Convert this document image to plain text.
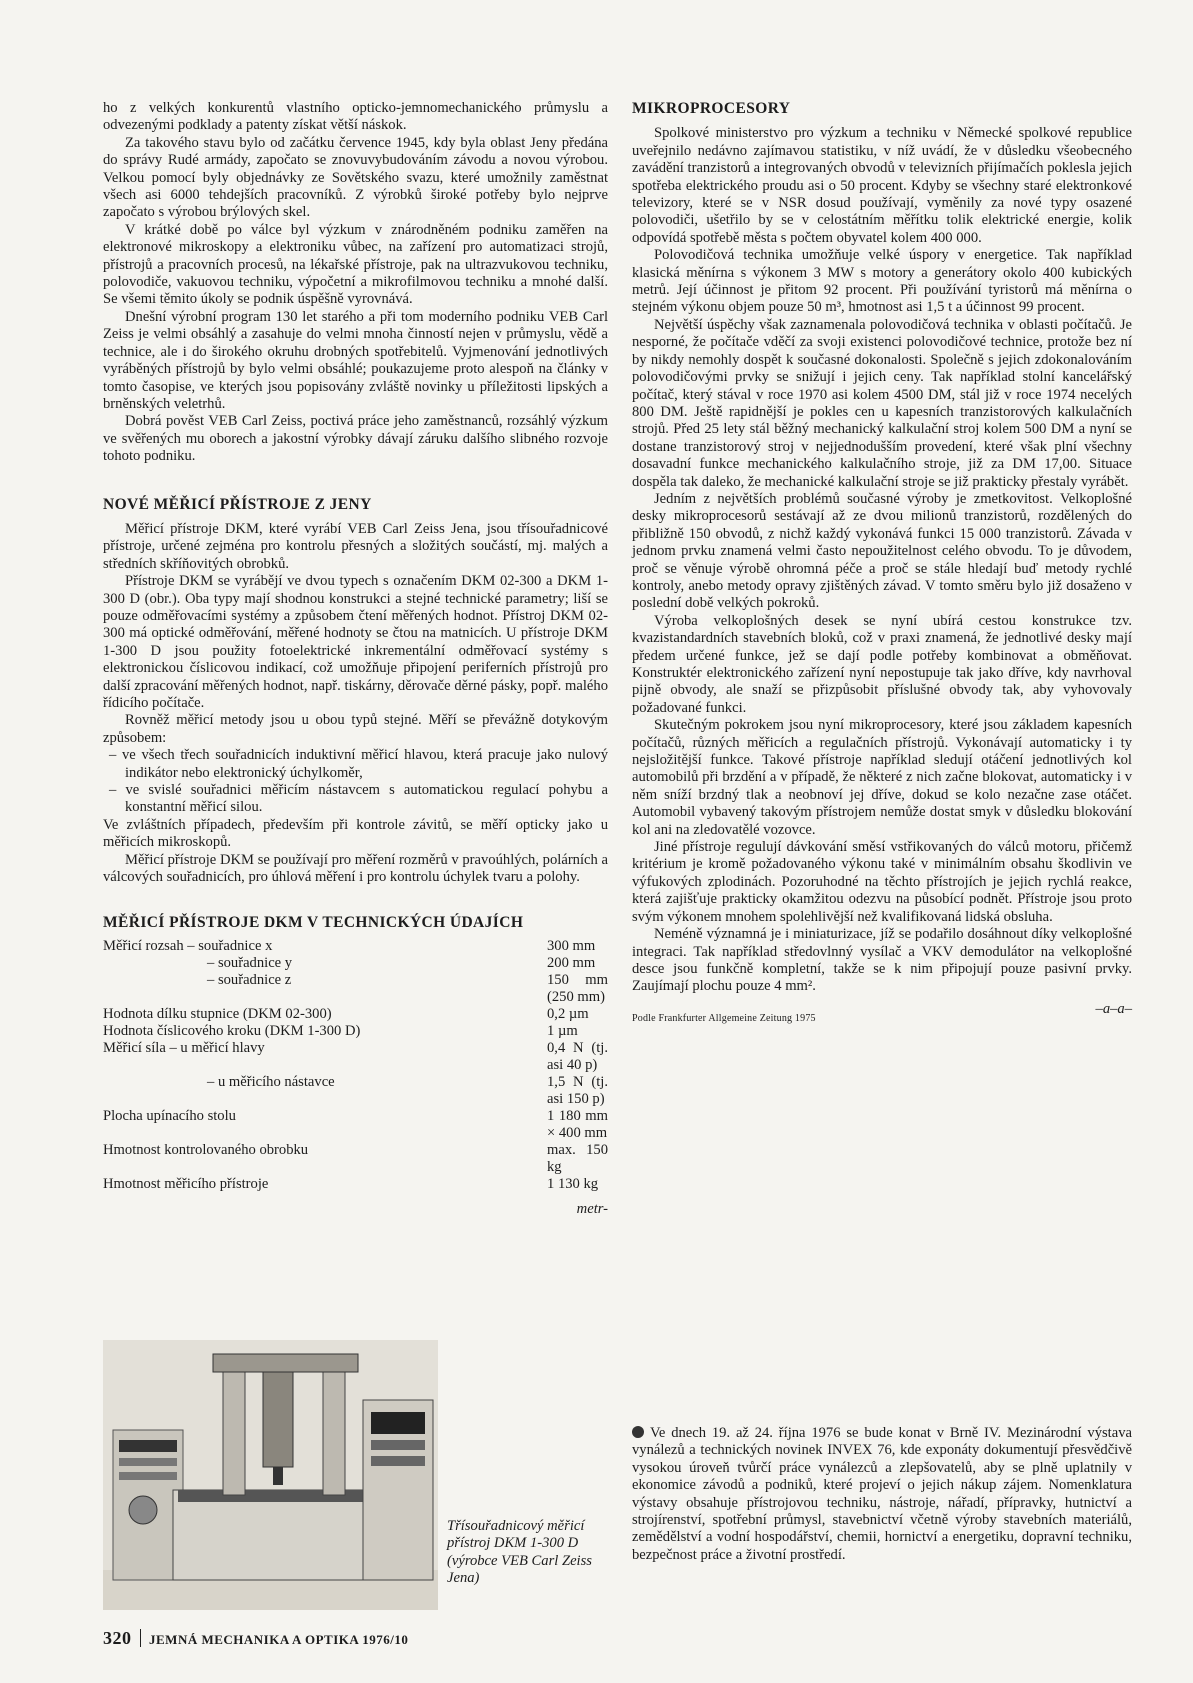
ho z velkých konkurentů vlastního opticko-jemnomechanického průmyslu a odvezenými podklady a patenty získat větší náskok.

Za takového stavu bylo od začátku července 1945, kdy byla oblast Jeny předána do správy Rudé armády, započato se znovuvybudováním závodu a novou výrobou. Velkou pomocí byly objednávky ze Sovětského svazu, které umožnily zaměstnat všech asi 6000 tehdejších pracovníků. Z výrobků široké potřeby bylo nejprve započato s výrobou brýlových skel.

V krátké době po válce byl výzkum v znárodněném podniku zaměřen na elektronové mikroskopy a elektroniku vůbec, na zařízení pro automatizaci strojů, přístrojů a pracovních procesů, na lékařské přístroje, pak na ultrazvukovou techniku, polovodiče, vakuovou techniku, výpočetní a mikrofilmovou techniku a mnohé další. Se všemi těmito úkoly se podnik úspěšně vyrovnává.

Dnešní výrobní program 130 let starého a při tom moderního podniku VEB Carl Zeiss je velmi obsáhlý a zasahuje do velmi mnoha činností nejen v průmyslu, vědě a technice, ale i do širokého okruhu drobných spotřebitelů. Vyjmenování jednotlivých vyráběných přístrojů by bylo velmi obsáhlé; poukazujeme proto alespoň na články v tomto časopise, ve kterých jsou popisovány zvláště novinky u příležitosti lipských a brněnských veletrhů.

Dobrá pověst VEB Carl Zeiss, poctivá práce jeho zaměstnanců, rozsáhlý výzkum ve svěřených mu oborech a jakostní výrobky dávají záruku dalšího slibného rozvoje tohoto podniku.

NOVÉ MĚŘICÍ PŘÍSTROJE Z JENY

Měřicí přístroje DKM, které vyrábí VEB Carl Zeiss Jena, jsou třísouřadnicové přístroje, určené zejména pro kontrolu přesných a složitých součástí, mj. malých a středních skříňovitých obrobků.

Přístroje DKM se vyrábějí ve dvou typech s označením DKM 02-300 a DKM 1-300 D (obr.). Oba typy mají shodnou konstrukci a stejné technické parametry; liší se pouze odměřovacími systémy a způsobem čtení měřených hodnot. Přístroj DKM 02-300 má optické odměřování, měřené hodnoty se čtou na matnicích. U přístroje DKM 1-300 D jsou použity fotoelektrické inkrementální odměřovací systémy s elektronickou číslicovou indikací, což umožňuje připojení periferních přístrojů pro další zpracování měřených hodnot, např. tiskárny, děrovače děrné pásky, popř. malého řídicího počítače.

Rovněž měřicí metody jsou u obou typů stejné. Měří se převážně dotykovým způsobem:

– ve všech třech souřadnicích induktivní měřicí hlavou, která pracuje jako nulový indikátor nebo elektronický úchylkoměr,
– ve svislé souřadnici měřicím nástavcem s automatickou regulací pohybu a konstantní měřicí silou.

Ve zvláštních případech, především při kontrole závitů, se měří opticky jako u měřicích mikroskopů.

Měřicí přístroje DKM se používají pro měření rozměrů v pravoúhlých, polárních a válcových souřadnicích, pro úhlová měření i pro kontrolu úchylek tvaru a polohy.

MĚŘICÍ PŘÍSTROJE DKM V TECHNICKÝCH ÚDAJÍCH
Měřicí rozsah – souřadnice x	300 mm
– souřadnice y	200 mm
– souřadnice z	150 mm (250 mm)
Hodnota dílku stupnice (DKM 02-300)	0,2 µm
Hodnota číslicového kroku (DKM 1-300 D)	1 µm
Měřicí síla – u měřicí hlavy	0,4 N (tj. asi 40 p)
– u měřicího nástavce	1,5 N (tj. asi 150 p)
Plocha upínacího stolu	1 180 mm × 400 mm
Hmotnost kontrolovaného obrobku	max. 150 kg
Hmotnost měřicího přístroje	1 130 kg
metr-
Třísouřadnicový měřicí přístroj DKM 1-300 D (výrobce VEB Carl Zeiss Jena)
MIKROPROCESORY

Spolkové ministerstvo pro výzkum a techniku v Německé spolkové republice uveřejnilo nedávno zajímavou statistiku, v níž uvádí, že v důsledku všeobecného zavádění tranzistorů a integrovaných obvodů v televizních přijímačích poklesla jejich spotřeba elektrického proudu asi o 50 procent. Kdyby se všechny staré elektronkové televizory, které se v NSR dosud používají, vyměnily za nové typy osazené polovodiči, ušetřilo by se v celostátním měřítku tolik elektrické energie, kolik odpovídá spotřebě města s počtem obyvatel kolem 400 000.

Polovodičová technika umožňuje velké úspory v energetice. Tak například klasická měnírna s výkonem 3 MW s motory a generátory okolo 400 kubických metrů. Její účinnost je přitom 92 procent. Při používání tyristorů má měnírna o stejném výkonu objem pouze 50 m³, hmotnost asi 1,5 t a účinnost 99 procent.

Největší úspěchy však zaznamenala polovodičová technika v oblasti počítačů. Je nesporné, že počítače vděčí za svoji existenci polovodičové technice, protože bez ní by nikdy nemohly dospět k současné dokonalosti. Společně s jejich zdokonalováním polovodičovými prvky se snižují i jejich ceny. Tak například stolní kancelářský počítač, který stával v roce 1970 asi kolem 4500 DM, stál již v roce 1974 necelých 800 DM. Ještě rapidnější je pokles cen u kapesních tranzistorových kalkulačních strojů. Před 25 lety stál běžný mechanický kalkulační stroj kolem 500 DM a nyní se dostane tranzistorový stroj v nejjednodušším provedení, které však plní všechny dosavadní funkce mechanického kalkulačního stroje, již za DM 17,00. Situace dospěla tak daleko, že mechanické kalkulační stroje se již prakticky přestaly vyrábět.

Jedním z největších problémů současné výroby je zmetkovitost. Velkoplošné desky mikroprocesorů sestávají až ze dvou milionů tranzistorů, rozdělených do přibližně 150 obvodů, z nichž každý vykonává funkci 15 000 tranzistorů. Závada v jednom prvku znamená velmi často nepoužitelnost celého obvodu. To je důvodem, proč se věnuje výrobě ohromná péče a proč se stále hledají buď metody rychlé kontroly, anebo metody opravy zjištěných závad. V tomto směru bylo již dosaženo v poslední době velkých pokroků.

Výroba velkoplošných desek se nyní ubírá cestou konstrukce tzv. kvazistandardních stavebních bloků, což v praxi znamená, že jednotlivé desky mají předem určené funkce, jež se dají podle potřeby kombinovat a obměňovat. Konstruktér elektronického zařízení nyní nepostupuje tak jako dříve, kdy navrhoval pijně obvody, ale snaží se přizpůsobit příslušné obvody tak, aby vyhovovaly požadované funkci.

Skutečným pokrokem jsou nyní mikroprocesory, které jsou základem kapesních počítačů, různých měřicích a regulačních přístrojů. Vykonávají automaticky i ty nejsložitější funkce. Takové přístroje například sledují otáčení jednotlivých kol automobilů při brzdění a v případě, že některé z nich začne blokovat, automaticky i v něm sníží brzdný tlak a neobnoví jej dříve, dokud se kolo nezačne zase otáčet. Automobil vybavený takovým přístrojem nemůže dostat smyk v důsledku blokování kol ani na zledovatělé vozovce.

Jiné přístroje regulují dávkování směsí vstřikovaných do válců motoru, přičemž kritérium je kromě požadovaného výkonu také v minimálním obsahu škodlivin ve výfukových zplodinách. Pozoruhodné na těchto přístrojích je jejich rychlá reakce, která zajišťuje prakticky okamžitou odezvu na působící podnět. Přístroje jsou proto svým výkonem mnohem spolehlivější než kvalifikovaná lidská obsluha.

Neméně významná je i miniaturizace, jíž se podařilo dosáhnout díky velkoplošné integraci. Tak například středovlnný vysílač a VKV demodulátor na velkoplošné desce jsou funkčně kompletní, takže se k nim připojují pouze pasivní prvky. Zaujímají plochu pouze 4 mm².

Podle Frankfurter Allgemeine Zeitung 1975
–a–a–
Ve dnech 19. až 24. října 1976 se bude konat v Brně IV. Mezinárodní výstava vynálezů a technických novinek INVEX 76, kde exponáty dokumentují přesvědčivě vysokou úroveň tvůrčí práce vynálezců a zlepšovatelů, aby se plně uplatnily v ekonomice závodů a podniků, které projeví o jejich nákup zájem. Nomenklatura výstavy obsahuje přístrojovou techniku, nástroje, nářadí, přípravky, hutnictví a strojírenství, spotřební průmysl, stavebnictví včetně výroby stavebních materiálů, zemědělství a vodní hospodářství, chemii, hornictví a energetiku, dopravní techniku, bezpečnost práce a životní prostředí.
320 JEMNÁ MECHANIKA A OPTIKA 1976/10
